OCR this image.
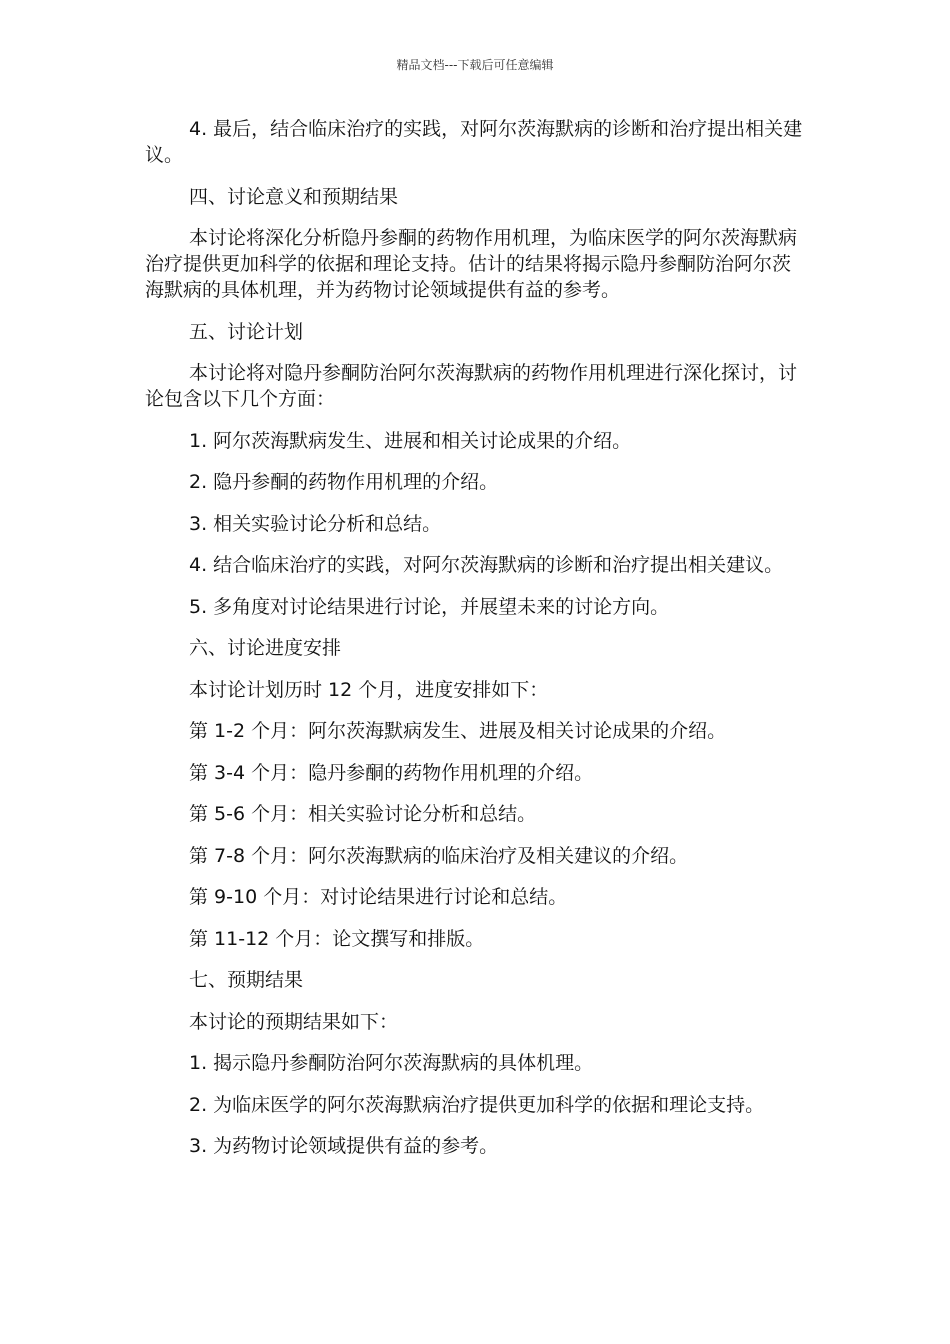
精品文档---下载后可任意编辑

4. 最后，结合临床治疗的实践，对阿尔茨海默病的诊断和治疗提出相关建议。

四、讨论意义和预期结果

本讨论将深化分析隐丹参酮的药物作用机理，为临床医学的阿尔茨海默病治疗提供更加科学的依据和理论支持。估计的结果将揭示隐丹参酮防治阿尔茨海默病的具体机理，并为药物讨论领域提供有益的参考。

五、讨论计划

本讨论将对隐丹参酮防治阿尔茨海默病的药物作用机理进行深化探讨，讨论包含以下几个方面：

1. 阿尔茨海默病发生、进展和相关讨论成果的介绍。

2. 隐丹参酮的药物作用机理的介绍。

3. 相关实验讨论分析和总结。

4. 结合临床治疗的实践，对阿尔茨海默病的诊断和治疗提出相关建议。

5. 多角度对讨论结果进行讨论，并展望未来的讨论方向。

六、讨论进度安排

本讨论计划历时 12 个月，进度安排如下：

第 1-2 个月：阿尔茨海默病发生、进展及相关讨论成果的介绍。

第 3-4 个月：隐丹参酮的药物作用机理的介绍。

第 5-6 个月：相关实验讨论分析和总结。

第 7-8 个月：阿尔茨海默病的临床治疗及相关建议的介绍。

第 9-10 个月：对讨论结果进行讨论和总结。

第 11-12 个月：论文撰写和排版。

七、预期结果

本讨论的预期结果如下：

1. 揭示隐丹参酮防治阿尔茨海默病的具体机理。

2. 为临床医学的阿尔茨海默病治疗提供更加科学的依据和理论支持。

3. 为药物讨论领域提供有益的参考。
